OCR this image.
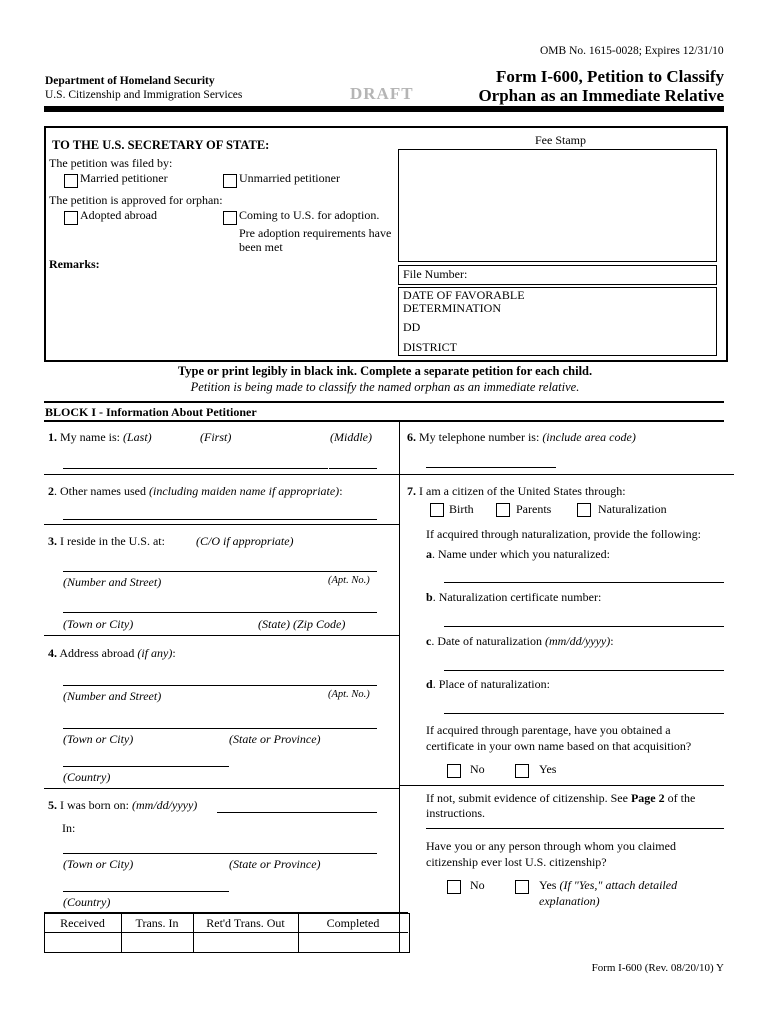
OMB No. 1615-0028; Expires 12/31/10
Department of Homeland Security
U.S. Citizenship and Immigration Services	DRAFT
Form I-600, Petition to Classify
Orphan as an Immediate Relative
TO THE U.S. SECRETARY OF STATE:
The petition was filed by:
Married petitioner	Unmarried petitioner
The petition is approved for orphan:
Adopted abroad	Coming to U.S. for adoption.
Pre adoption requirements have
been met
Remarks:
Fee Stamp
File Number:
DATE OF FAVORABLE
DETERMINATION
DD
DISTRICT
Type or print legibly in black ink. Complete a separate petition for each child.
Petition is being made to classify the named orphan as an immediate relative.
BLOCK I - Information About Petitioner
1. My name is: (Last)	(First)	(Middle)
2. Other names used (including maiden name if appropriate):
3. I reside in the U.S. at:	(C/O if appropriate)
(Number and Street)	(Apt. No.)
(Town or City)	(State) (Zip Code)
4. Address abroad (if any):
(Number and Street)	(Apt. No.)
(Town or City)	(State or Province)
(Country)
5. I was born on: (mm/dd/yyyy)
In:
(Town or City)	(State or Province)
(Country)
6. My telephone number is: (include area code)
7. I am a citizen of the United States through:
Birth	Parents	Naturalization
If acquired through naturalization, provide the following:
a. Name under which you naturalized:
b. Naturalization certificate number:
c. Date of naturalization (mm/dd/yyyy):
d. Place of naturalization:
If acquired through parentage, have you obtained a
certificate in your own name based on that acquisition?
No	Yes
If not, submit evidence of citizenship. See Page 2 of the
instructions.
Have you or any person through whom you claimed
citizenship ever lost U.S. citizenship?
No	Yes (If "Yes," attach detailed
explanation)
Received	Trans. In	Ret'd Trans. Out	Completed
Form I-600 (Rev. 08/20/10) Y
